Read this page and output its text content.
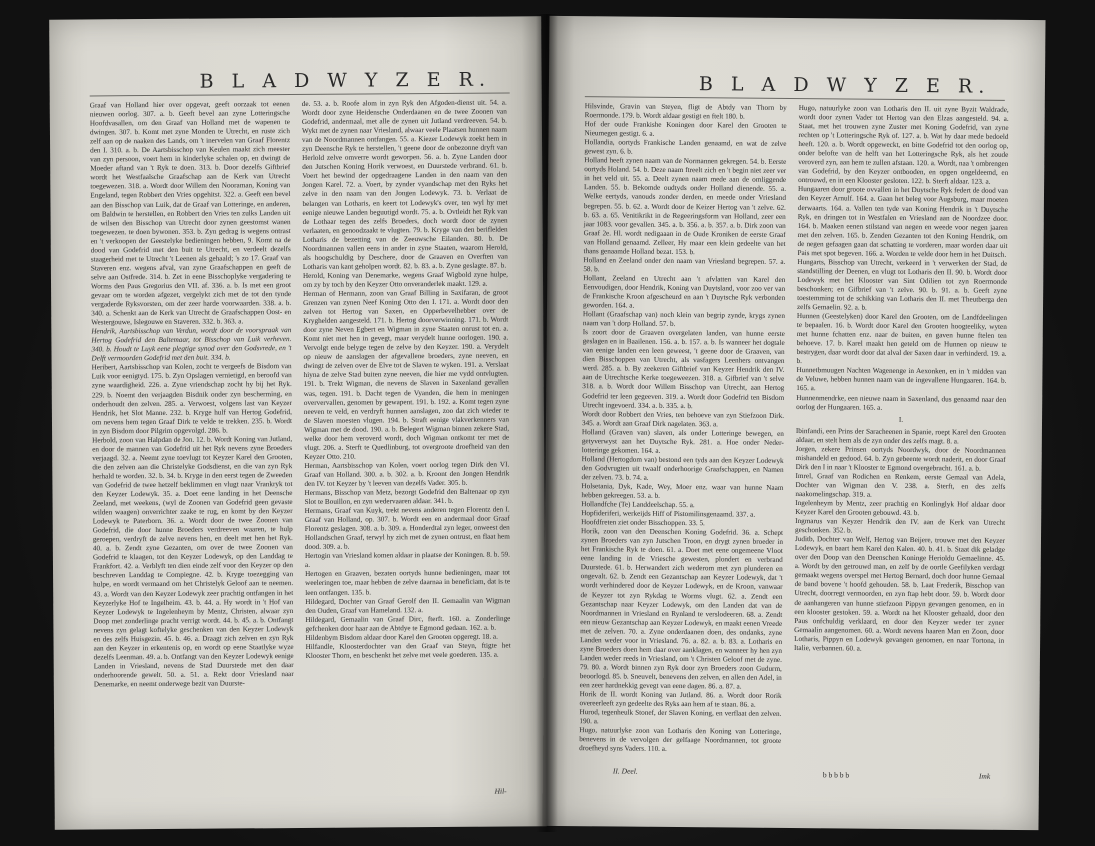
B L A D W Y Z E R.

Graaf van Holland hier over opgevat, geeft oorzaak tot eenen nieuwen oorlog. 307. a. b. Geeft bevel aan zyne Lotteringsche Hoofdvasallen, om den Graaf van Holland met de wapenen te dwingen. 307. b. Komt met zyne Monden te Utrecht, en ruste zich zelf aan op de naaken des Lands, om 't inervelen van Graaf Florentz den I. 310. a. b. De Aartsbisschop van Keulen maakt zich meester van zyn persoon, voert hem in kinderlyke schalen op, en dwingt de Moeder aftand van 't Ryk te doen. 313. b. Door dezelfs Giftbrief wordt het Westfaalsche Graafschap aan de Kerk van Utrecht toegewezen. 318. a. Wordt door Willem den Nooraman, Koning van Engeland, tegen Robbert den Vries opgehitst. 322. a. Geeft een bevel aan den Bisschop van Luik, dat de Graaf van Lotteringe, en anderen, om Baldwin te herstellen, en Robbert den Vries ten zulks Landen uit de wilsen den Bisschop van Utrecht door zynen geestomst wanen toegewezen. te doen bywonen. 353. b. Zyn gedrag is wegens ontrast en 't verkoopen der Geestelyke bedieningen hebben, 9. Komt na de dood van Godefrid met den buit te Utrecht, en verdeelt dezelfs staagerheid met te Utrecht 't Leenen als gehaald; 's zo 17. Graaf van Staveren enz. wegens afval, van zyne Graafschappen en geeft de selve aan Ostfrede. 314. b. Zet in eene Bisschoplyke vergadering te Worms den Paus Gregorius den VII. af. 336. a. b. Is met een groot gevaar om te worden afgezet, vergelykt zich met de tot den tynde vergaderde Ryksvorsten, om der zeer harde voorwaarden. 338. a. b. 340. a. Schenkt aan de Kerk van Utrecht de Graafschappen Oost- en Westergouwe, Islegouwe en Staveren. 332. b. 363. a.

Hendrik, Aartsbisschop van Verdun, wordt door de voorspraak van Hertog Godefrid den Baltemaar, tot Bisschop van Luik verheven. 340. b. Houdt te Luyk eene plegtige synod over den Godsvrede, en 't Delft vermoorden Godefrid met den buit. 334. b.

Heribert, Aartsbisschop van Kolen, zocht te vergeefs de Bisdom van Luik voor eenigtyd. 175. b. Zyn Opslagen vernietigd, en beroofd van zyne waardigheid. 226. a. Zyne vriendschap zocht hy bij het Ryk. 229. b. Noemt den verjaagden Bisdnik onder zyn bescherming, en onderhoudt den zelven. 285. a. Verwoest, volgens last van Keyzer Hendrik, het Slot Manne. 232. b. Kryge hulf van Hertog Godefrid, om nevens hem tegen Graaf Dirk te velde te trekken. 235. b. Wordt in zyn Bisdom door Pilgrim opgevolgd. 286. b.

Herbold, zoon van Halpdan de Jon. 12. b. Wordt Koning van Jutland, en door de mannen van Godefrid uit het Ryk nevens zyne Broeders verjaagd. 32. a. Neemt zyne toevlugt tot Keyzer Karel den Grooten, die den zelven aan die Christelyke Godsdienst, en die van zyn Ryk herhald te worden. 32. b. 34. b. Kryge in den eerst tegen de Zweeden van Godefrid de twee hetzelf beklimmen en vlugt naar Vrankryk tot den Keyzer Lodewyk. 35. a. Doet eene landing in het Deensche Zeeland, met weekens, (wyl de Zoonen van Godefrid geen gevaste wilden waagen) onverrichter zaake te rug, en komt by den Keyzer Lodewyk te Paterborn. 36. a. Wordt door de twee Zoonen van Godefrid, die door hunne Broeders verdreeven waaren, te hulp geroepen, verdryft de zelve nevens hen, en deelt met hen het Ryk. 40. a. b. Zendt zyne Gezanten, om over de twee Zoonen van Godefrid te klaagen, tot den Keyzer Lodewyk, op den Landdag te Frankfort. 42. a. Verblyft ten dien einde zelf voor den Keyzer op den beschreven Landdag te Compiegne. 42. b. Kryge toezegging van hulpe, en wordt vermaand om het Christelyk Geloof aan te neemen. 43. a. Wordt van den Keyzer Lodewyk zeer prachtig ontfangen in het Keyzerlyke Hof te Ingelheim. 43. b. 44. a. Hy wordt in 't Hof van Keyzer Lodewyk te Ingelenheym by Mentz, Christen, alwaar zyn Doop met zonderlinge pracht verrigt wordt. 44. b. 45. a. b. Ontfangt nevens zyn gelagt koftelyke geschenken van den Keyzer Lodewyk en des zelfs Huisgezin. 45. b. 46. a. Draagt zich zelven en zyn Ryk aan den Keyzer in erkentenis op, en wordt op eene Staatlyke wyze dezelfs Leenman. 49. a. b. Ontfangt van den Keyzer Lodewyk eenige Landen in Vriesland, nevens de Stad Duurstede met den daar onderhoorende gewelt. 50. a. 51. a. Rekt door Vriesland naar Denemarke, en neemt onderwege bezit van Duurste-

de. 53. a. b. Roofe alom in zyn Ryk den Afgoden-dienst uit. 54. a. Wordt door zyne Heidensche Onderdaanen en de twee Zoonen van Godefrid, andermaal, met alle de zynen uit Jutland verdreeven. 54. b. Wykt met de zynen naar Vriesland, alwaar veele Plaatsen hunnen naam van de Noordmannen ontfangen. 55. a. Kiezer Lodewyk zoekt hem in zyn Deensche Ryk te herstellen, 't geene door de onbezonne dryft van Herlold zelve omverre wordt geworpen. 56. a. b. Zyne Landen door den Jutschen Koning Horik verwoest, en Duurstede verbrand. 61. b. Voert het bewind der opgedraagene Landen in den naam van den Jongen Karel. 72. a. Voert, by zynder vyandschap met den Ryks het zelve in den naam van den Jongen Lodewyk. 73. b. Verlaat de belangen van Lotharis, en keert tot Lodewyk's over, ten wyl hy met eenige nieuwe Landen beguutigd wordt. 75. a. b. Ovtleidt het Ryk van de Lothaar tegen des zelfs Broeders, doch wordt door de zynen verlaaten, en genoodzaakt te vlugten. 79. b. Kryge van den beriflelden Lotharis de bezetting van de Zeeuwsche Eilanden. 80. b. De Noordmannen vallen eens in ander in zyne Staaten, waarom Herold, als hoogschuldig by Deschere, door de Graaven en Overften van Lotharis van kant geholpen wordt. 82. b. 83. a. b. Zyne geslagte. 87. b.

Herold, Koning van Denemarke, wegens Graaf Wigbold zyne hulpe, om zy by toch by den Keyzer Otto onveranderlek maakt. 129. a.

Herman of Hermann, zoon van Graaf Billing in Saxifaran, de groot Grenzen van zynen Neef Koning Otto den I. 171. a. Wordt door den zelven tot Hertog van Saxen, en Opperbevelhebber over de Kryghelden aangesteld. 171. b. Hertog doorverwinning. 171. b. Wordt door zyne Neven Egbert en Wigman in zyne Staaten onrust tot en. a. Komt niet met hen in gevegt, maar verydelt hunne oorlogen. 190. a. Vervolgt ende belyge tegen de zelve by den Keyzer. 190. a. Verydelt op nieuw de aanslagen der afgevallene broeders, zyne neeven, en dwingt de zelven over de Elve tot de Slaven te wyken. 191. a. Verslaat hiyna de zelve Stad buiten zyne neeven, die hier me vydd ontvlugten. 191. b. Trekt Wigman, die nevens de Slaven in Saxenland gevallen was, tegen. 191. b. Dacht tegen de Vyanden, die hem in meningen oververvallen, genomen by gewapent. 191. b. 192. a. Komt tegen zyne neeven te veld, en verdryft hunnen aanslagen, zoo dat zich wieder te de Slaven moesten vlugen. 194. b. Straft eenige vlakverkenners van Wigman met de dood. 190. a. b. Belegert Wigman binnen zekere Stad, welke door hem veroverd wordt, doch Wigman ontkomt ter met de vlugt. 206. a. Sterft te Quedlinburg, tot overgroote droefheid van den Keyzer Otto. 210.

Herman, Aartsbisschop van Kolen, voert oorlog tegen Dirk den VI. Graaf van Holland. 300. a. b. 302. a. b. Kroont den Jongen Hendrik den IV. tot Keyzer by 't leeven van dezelfs Vader. 305. b.

Hermans, Bisschop van Metz, bezorgt Godefrid den Baltenaar op zyn Slot te Bouillon, en zyn wedervaaren aldaar. 341. b.

Hermans, Graaf van Kuyk, trekt nevens anderen tegen Florentz den I. Graaf van Holland, op. 307. b. Wordt een en andermaal door Graaf Florentz geslagen. 308. a. b. 309. a. Honderdtal zyn leger, onweest den Hollandschen Graaf, terwyl hy zich met de zynen ontrust, en flaat hem dood. 309. a. b.

Hertogin van Vriesland komen aldaar in plaatse der Koningen. 8. b. 59. a.

Hertogen en Graaven, bezaten oortyds hunne bedieningen, maar tot weeleringen toe, maar hebben de zelve daarnaa in beneficiam, dat is te leen ontfangen. 135. b.

Hildegard, Dochter van Graaf Gerolf den II. Gemaalin van Wigman den Ouden, Graaf van Hameland. 132. a.

Hildegard, Gemaalin van Graaf Dirc, fterft. 160. a. Zonderlinge gefchenken door haar aan de Abtdye te Egmond gedaan. 162. a. b.

Hildenbym Bisdom aldaar door Karel den Grooten opgeregt. 18. a.

Hilfandle, Kloosterdochter van den Graaf van Steyn, ftigte het Klooster Thorn, en beschenkt het zelve met veele goederen. 135. a.

Hil-
B L A D W Y Z E R.

Hilsvinde, Gravin van Steyen, fligt de Abtdy van Thorn by Roermonde. 179. b. Wordt aldaar gestigt en ftelt 180. b.

Hof der oude Frankishe Koningen door Karel den Grooten te Nieumegen gestigt. 6. a.

Hollandia, oortyds Frankische Landen genaamd, en wat de zelve gewest zyn. 6. b.

Holland heeft zynen naam van de Normannen gekregen. 54. b. Eerste oortyds Holand. 54. b. Deze naam ftreelt zich en 't begin niet zeer ver in het veld uit. 55. a. Deelt zynen naam mede aan de omliggende Landen. 55. b. Bekomde oudtyds onder Holland dienende. 55. a. Welke eertyds, vanouds zonder derden, en meede onder Vriesland begrepen. 55. b. 62. a. Wordt door de Keizer Hertog van 't zelve. 62. b. 63. a. 65. Venitikrikt in de Regeeringsform van Holland, zeer een jaar 1083. voor gevallen. 345. a. b. 356. a. b. 357. a. b. Dirk zoon van Graaf 2e. Hl. wordt nedigaaan in de Oude Kroniken de eerste Graaf van Holland genaamd. Zelleer, Hy maar een klein gedeelte van het thans genaamde Holland bezat. 153. b.

Holland en Zeeland onder den naam van Vriesland begrepen. 57. a. 58. b.

Hollant, Zeeland en Utrecht aan 't afvlatten van Karel den Eenvoudigen, door Hendrik, Koning van Duytsland, voor zoo ver van de Frankische Kroon afgescheurd en aan 't Duytsche Ryk verbonden geworden. 164. a.

Hollant (Graafschap van) noch klein van begrip zynde, krygs zynen naam van 't dorp Holland. 57. b.

Is zoort door de Graaven overgelaten landen, van hunne eerste geslagen en in Baailenen. 156. a. b. 157. a. b. Is wanneer het dogtale van eenige landen een leen geweest, 't geene door de Graaven, van dien Bisschoppen van Utrecht, als vasfagers Leenhers ontvangen werd. 285. a. b. By zeekeren Giftbrief van Keyzer Hendrik den IV. aan de Utrechtsche Kerke toegeweezen. 318. a. Gifbrief van 't selve 318. a. b. Wordt door Willem Bisschop van Utrecht, aan Hertog Godefrid ter leen gegeeven. 319. a. Wordt door Godefrid ten Bisdom Utrecht ingevoerd. 334. a. b. 335. a. b.

Wordt door Robbert den Vries, ten behoeve van zyn Stiefzoon Dirk. 345. a. Wordt aan Graaf Dirk nagelaten. 363. a.

Holland (Graven van) slaven, als onder Lotteringe bewegen, en getyverwyst aan het Duytsche Ryk. 281. a. Hoe onder Neder-lotteringe gekomen. 164. a.

Holland (Hertogdom van) bestond een tyds aan den Keyzer Lodewyk den Godvrugten uit twaalf onderhoorige Graafschappen, en Namen der zelven. 73. b. 74. a.

Holsetania, Dyk, Kade, Wey, Moer enz. waar van hunne Naam hebben gekreegen. 53. a. b.

Hollandfche (Te) Landdeelschap. 55. a.

Hopfideriferi, werkeijds Hiff of Pistomilinsgenaamd. 337. a.

Hoofdfreten ziet onder Bisschoppen. 33. 5.

Horik, zoon van den Deenschen Koning Godefrid. 36. a. Schept zynen Broeders van zyn Jutschen Troon, en drygt zynen broeder in het Frankische Ryk te doen. 61. a. Doet met eene ongemeene Vloot eene landing in de Vriesche gewesten, plondert en verbrand Duurstede. 61. b. Herwandert zich wederom met zyn plunderen en ongevalt. 62. b. Zendt een Gezantschap aan Keyzer Lodewyk, dat 't wordt verhindered door de Keyzer Lodewyk, en de Kroon, vanwaar de Keyzer tot zyn Rykdag te Worms vlugt. 62. a. Zendt een Gezantschap naar Keyzer Lodewyk, om den Landen dat van de Noordmannen in Vriesland en Rynland te verslodeeren. 68. a. Zendt een nieuw Gezantschap aan Keyzer Lodewyk, en maakt eenen Vreede met de zelven. 70. a. Zyne onderdaanen doen, des ondanks, zyne Landen weder voor in Vriesland. 76. a. 82. a. b. 83. a. Lotharis en zyne Broeders doen hem daar over aanklagen, en wanneer hy hen zyn Landen weder reeds in Vriesland, om 't Christen Geloof met de zyne. 79. 80. a. Wordt binnen zyn Ryk door zyn Broeders zoon Gudurm, beoorlogd. 85. b. Sneuvelt, benevens den zelven, en allen den Adel, in een zeer hardnekkig gevegt van eene dagen. 86. a. 87. a.

Horik de II. wordt Koning van Jutland. 86. a. Wordt door Rorik overeerleeft zyn gedeelte des Ryks aan hem af te staan. 86. a.

Hurod, tegenheulk Stonef, der Slaven Koning, en verflaat den zelven. 190. a.

Hugo, natuurlyke zoon van Lotharis den Koning van Lotteringe, benevens in de vervolgen der gelfaage Noordmannen, tot groote droefheyd syns Vaders. 110. a.

II. Deel.

Hugo, natuurlyke zoon van Lotharis den II. uit zyne Byzit Waldrade, wordt door zynen Vader tot Hertog van den Elzas aangesteld. 94. a. Staat, met het trouwen zyne Zuster met Koning Godefrid, van zyne rechten op 't Lotteringsche Ryk of. 127. a. b. Wat hy daar mede bedoeld heeft. 120. a. b. Wordt opgeweckt, en bitte Godefrid tot den oorlog op, onder belofte van de helft van het Lotteringsche Ryk, als het zoude veroverd zyn, aan hem te zullen afstaan. 120. a. Wordt, naa 't ombrengen van Godefrid, by den Keyzer ontbooden, en opgen ongeldeemd, en ontrouwd, en in een Klooster gesloten. 122. b. Sterft aldaar. 123. a.

Hungaaren door groote ovvallen in het Duytsche Ryk federt de dood van den Keyzer Arnulf. 164. a. Gaan het beleg voor Augsburg, maar moeten derwaarts. 164. a. Vallen ten tyde van Koning Hendrik in 't Duytsche Ryk, en dringen tot in Westfalen en Vriesland aan de Noordzee door. 164. b. Maaken eenen stilstand van negen en weede voor negen jaaren met den zelven. 165. b. Zenden Gezanten tot den Koning Hendrik, om de negen gefaagen gaan dat schatting te vorderen, maar worden daar uit Pais met spot begeven. 166. a. Worden te velde door hem in het Duitsch.

Hungarts, Bisschop van Utrecht, verkeerd in 't verwerken der Stad, de standstilling der Deenen, en vlugt tot Lotharis den II. 90. b. Wordt door Lodewyk met het Klooster van Sint Odilien tot zyn Roermonde beschonken; en Gifbrief van 't zelve. 90. b. 91. a. b. Geeft zyne toestemming tot de schikking van Lotharis den II. met Theutberga den zelfs Gemaelin. 92. a. b.

Hunnen (Geestelyken) door Karel den Grooten, om de Landfdeelingen te bepaalen. 16. b. Wordt door Karel den Grooten hoogteeliky, wyten met hunne fchatten enz. naar de buiten, en gaven hunne ftelen ten behoeve. 17. b. Karel maakt hen geteld om de Hunnen op nieuw te bestrygen, daar wordt door dat alval der Saxen daar in verhinderd. 19. a. b.

Hunnetbmuugen Nachten Wagenenge in Aexonken, en in 't midden van de Veluwe, hebben hunnen naam van de ingevallene Hungaaren. 164. b. 165. a.

Hunnenmendrke, een nieuwe naam in Saxenland, dus genaamd naar den oorlog der Hungaaren. 165. a.

I.

Ibinfandi, een Prins der Saracheenen in Spanie, roept Karel den Grooten aldaar, en stelt hem als de zyn onder des zelfs magt. 8. a.

Jorgen, zekere Prinsen oortyds Noordwyk, door de Noordmannen mishandeld en gedood. 64. b. Zyn gebeente wordt naderit, en door Graaf Dirk den I in naar 't Klooster te Egmond overgebracht. 161. a. b.

Imrel, Graaf van Rodichen en Renkem, eerste Gemaal van Adela, Dochter van Wigman den V. 238. a. Sterft, en des zelfs naakomelingschap. 319. a.

Ingelenheym by Mentz, zeer prachtig en Konlinglyk Hof aldaar door Keyzer Karel den Grooten gebouwd. 43. b.

Ingmarus van Keyzer Hendrik den IV. aan de Kerk van Utrecht geschonken. 352. b.

Juditb, Dochter van Welf, Hertog van Beijere, trouwe met den Keyzer Lodewyk, en baart hem Karel den Kalen. 40. b. 41. b. Staat dik geladge over den Doop van den Deenschen Koninge Herioldu Gemaelinne. 45. a. Wordt by den getrouwd man, en zelf by de oortle Geefilyken verdagt gemaakt wegens overspel met Hertog Bernard, doch door hunne Gemaal de band bovene 't hoofd gehouden. 58. b. Laat Frederik, Bisschop van Utrecht, doorregt vermoorden, en zyn ftap hebt door. 59. b. Wordt door de aanhangeren van hunne stiefzoon Pippyn gevangen genomen, en in een klooster gestoken. 59. a. Wordt na het Klooster gehaald, door den Paus onfchuldig verklaard, en door den Keyzer weder ter zyner Gemaalin aangenomen. 60. a. Wordt nevens haaren Man en Zoon, door Lotharis, Pippyn en Lodewyk gevangen genomen, en naar Tortona, in Italie, verbannen. 60. a.

b b b b b	Imk
